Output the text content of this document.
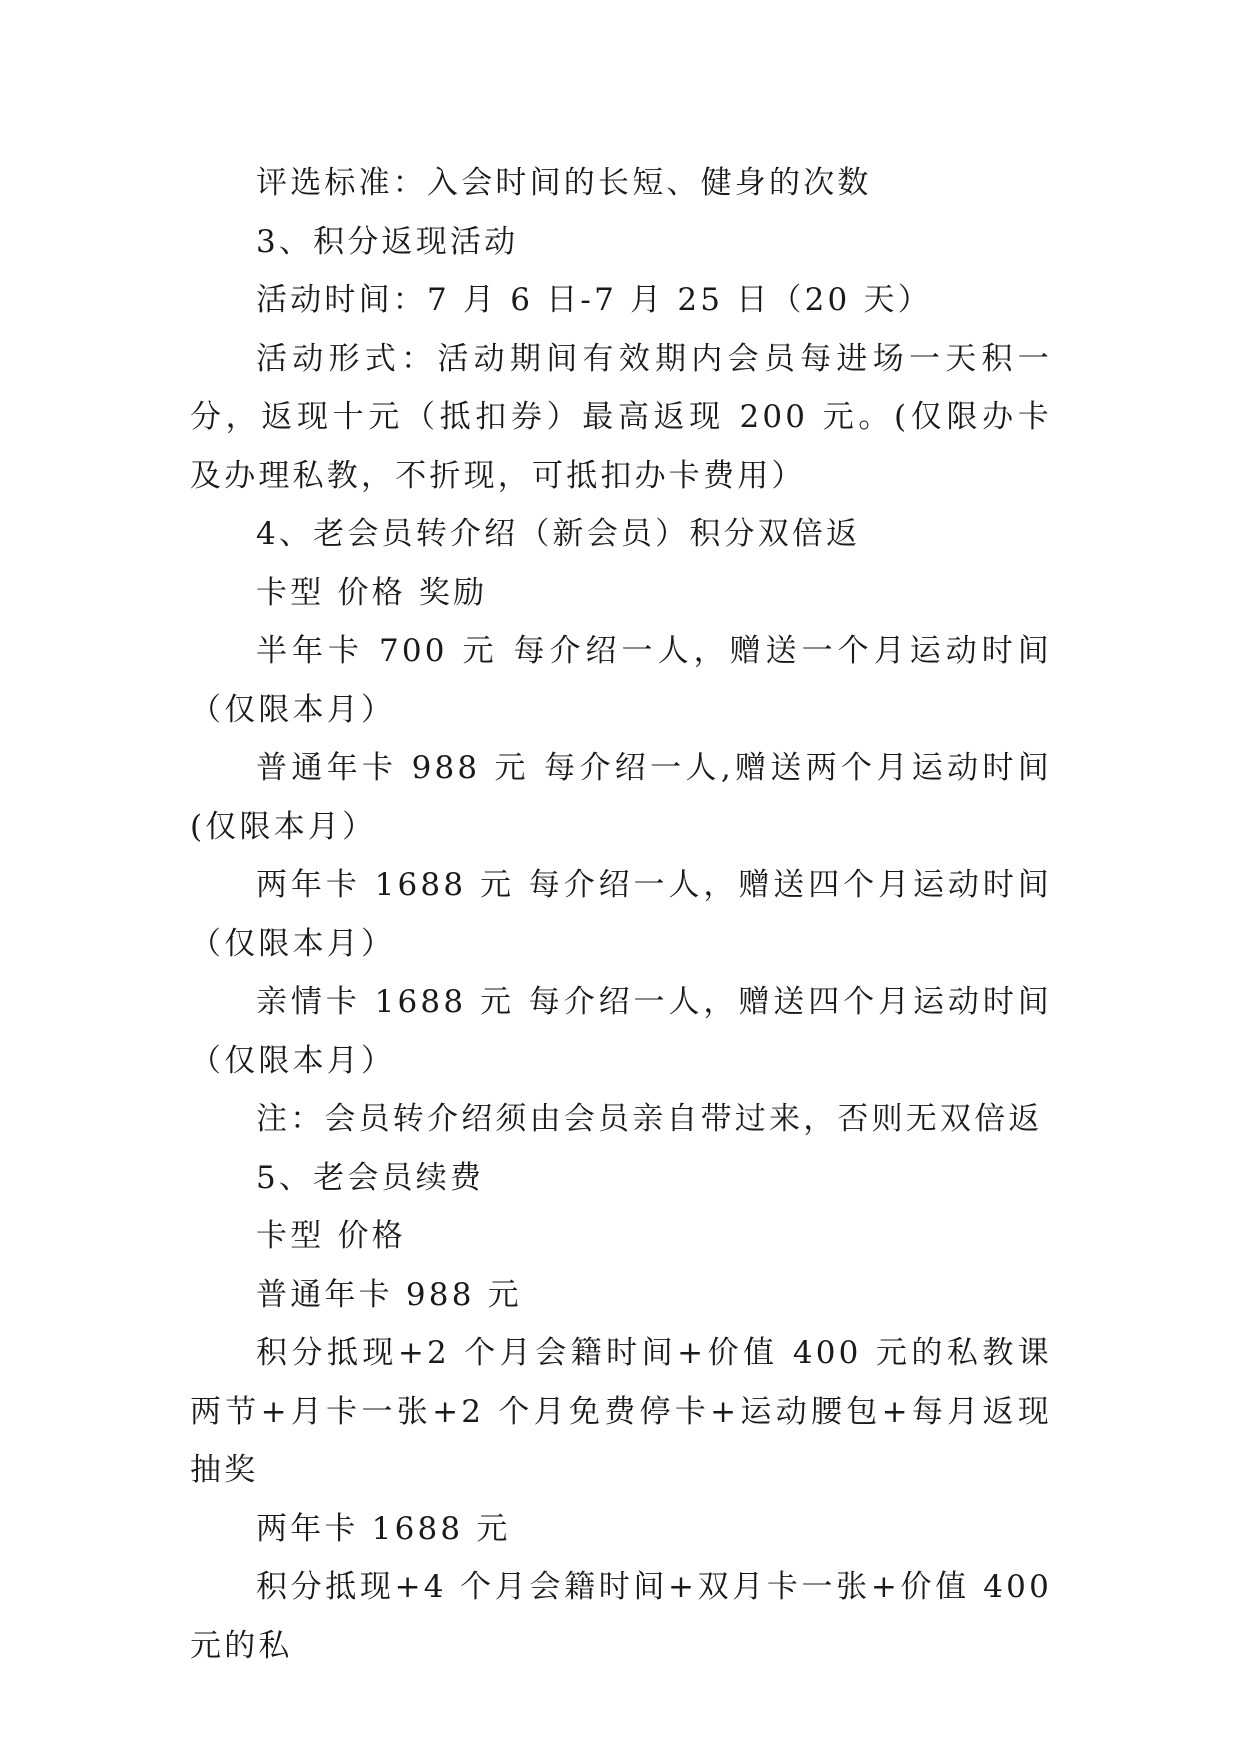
评选标准：入会时间的长短、健身的次数

3、积分返现活动

活动时间：7 月 6 日-7 月 25 日（20 天）

活动形式：活动期间有效期内会员每进场一天积一分，返现十元（抵扣券）最高返现 200 元。(仅限办卡及办理私教，不折现，可抵扣办卡费用）

4、老会员转介绍（新会员）积分双倍返

卡型 价格 奖励

半年卡 700 元 每介绍一人，赠送一个月运动时间（仅限本月）

普通年卡 988 元 每介绍一人,赠送两个月运动时间(仅限本月）

两年卡 1688 元 每介绍一人，赠送四个月运动时间（仅限本月）

亲情卡 1688 元 每介绍一人，赠送四个月运动时间（仅限本月）

注：会员转介绍须由会员亲自带过来，否则无双倍返

5、老会员续费

卡型 价格

普通年卡 988 元

积分抵现+2 个月会籍时间+价值 400 元的私教课两节+月卡一张+2 个月免费停卡+运动腰包+每月返现抽奖

两年卡 1688 元

积分抵现+4 个月会籍时间+双月卡一张+价值 400 元的私
